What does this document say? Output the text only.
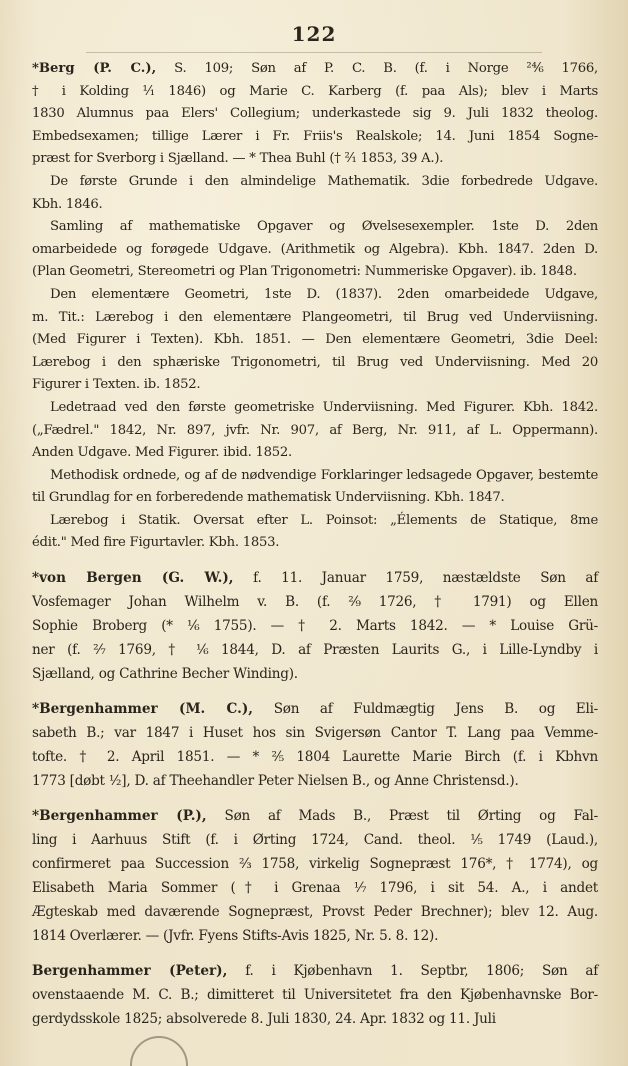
122
*Berg (P. C.), S. 109; Søn af P. C. B. (f. i Norge ²⁴⁄₆ 1766,
† i Kolding ⅟₁ 1846) og Marie C. Karberg (f. paa Als); blev i Marts
1830 Alumnus paa Elers' Collegium; underkastede sig 9. Juli 1832 theolog.
Embedsexamen; tillige Lærer i Fr. Friis's Realskole; 14. Juni 1854 Sogne-
præst for Sverborg i Sjælland. — * Thea Buhl († ²⁄₁ 1853, 39 A.).
De første Grunde i den almindelige Mathematik. 3die forbedrede Udgave.
Kbh. 1846.
Samling af mathematiske Opgaver og Øvelsesexempler. 1ste D. 2den
omarbeidede og forøgede Udgave. (Arithmetik og Algebra). Kbh. 1847. 2den D.
(Plan Geometri, Stereometri og Plan Trigonometri: Nummeriske Opgaver). ib. 1848.
Den elementære Geometri, 1ste D. (1837). 2den omarbeidede Udgave,
m. Tit.: Lærebog i den elementære Plangeometri, til Brug ved Underviisning.
(Med Figurer i Texten). Kbh. 1851. — Den elementære Geometri, 3die Deel:
Lærebog i den sphæriske Trigonometri, til Brug ved Underviisning. Med 20
Figurer i Texten. ib. 1852.
Ledetraad ved den første geometriske Underviisning. Med Figurer. Kbh. 1842.
(„Fædrel." 1842, Nr. 897, jvfr. Nr. 907, af Berg, Nr. 911, af L. Oppermann).
Anden Udgave. Med Figurer. ibid. 1852.
Methodisk ordnede, og af de nødvendige Forklaringer ledsagede Opgaver, bestemte
til Grundlag for en forberedende mathematisk Underviisning. Kbh. 1847.
Lærebog i Statik. Oversat efter L. Poinsot: „Élements de Statique, 8me
édit." Med fire Figurtavler. Kbh. 1853.
*von Bergen (G. W.), f. 11. Januar 1759, næstældste Søn af
Vosfemager Johan Wilhelm v. B. (f. ²⁄₉ 1726, † 1791) og Ellen
Sophie Broberg (* ¹⁄₆ 1755). — † 2. Marts 1842. — * Louise Grü-
ner (f. ²⁄₇ 1769, † ¹⁄₆ 1844, D. af Præsten Laurits G., i Lille-Lyndby i
Sjælland, og Cathrine Becher Winding).
*Bergenhammer (M. C.), Søn af Fuldmægtig Jens B. og Eli-
sabeth B.; var 1847 i Huset hos sin Svigersøn Cantor T. Lang paa Vemme-
tofte. † 2. April 1851. — * ²⁄₅ 1804 Laurette Marie Birch (f. i Kbhvn
1773 [døbt ¹⁄₂], D. af Theehandler Peter Nielsen B., og Anne Christensd.).
*Bergenhammer (P.), Søn af Mads B., Præst til Ørting og Fal-
ling i Aarhuus Stift (f. i Ørting 1724, Cand. theol. ¹⁄₅ 1749 (Laud.),
confirmeret paa Succession ²⁄₃ 1758, virkelig Sognepræst 176*, † 1774), og
Elisabeth Maria Sommer († i Grenaa ¹⁄₇ 1796, i sit 54. A., i andet
Ægteskab med daværende Sognepræst, Provst Peder Brechner); blev 12. Aug.
1814 Overlærer. — (Jvfr. Fyens Stifts-Avis 1825, Nr. 5. 8. 12).
Bergenhammer (Peter), f. i Kjøbenhavn 1. Septbr, 1806; Søn af
ovenstaaende M. C. B.; dimitteret til Universitetet fra den Kjøbenhavnske Bor-
gerdydsskole 1825; absolverede 8. Juli 1830, 24. Apr. 1832 og 11. Juli
